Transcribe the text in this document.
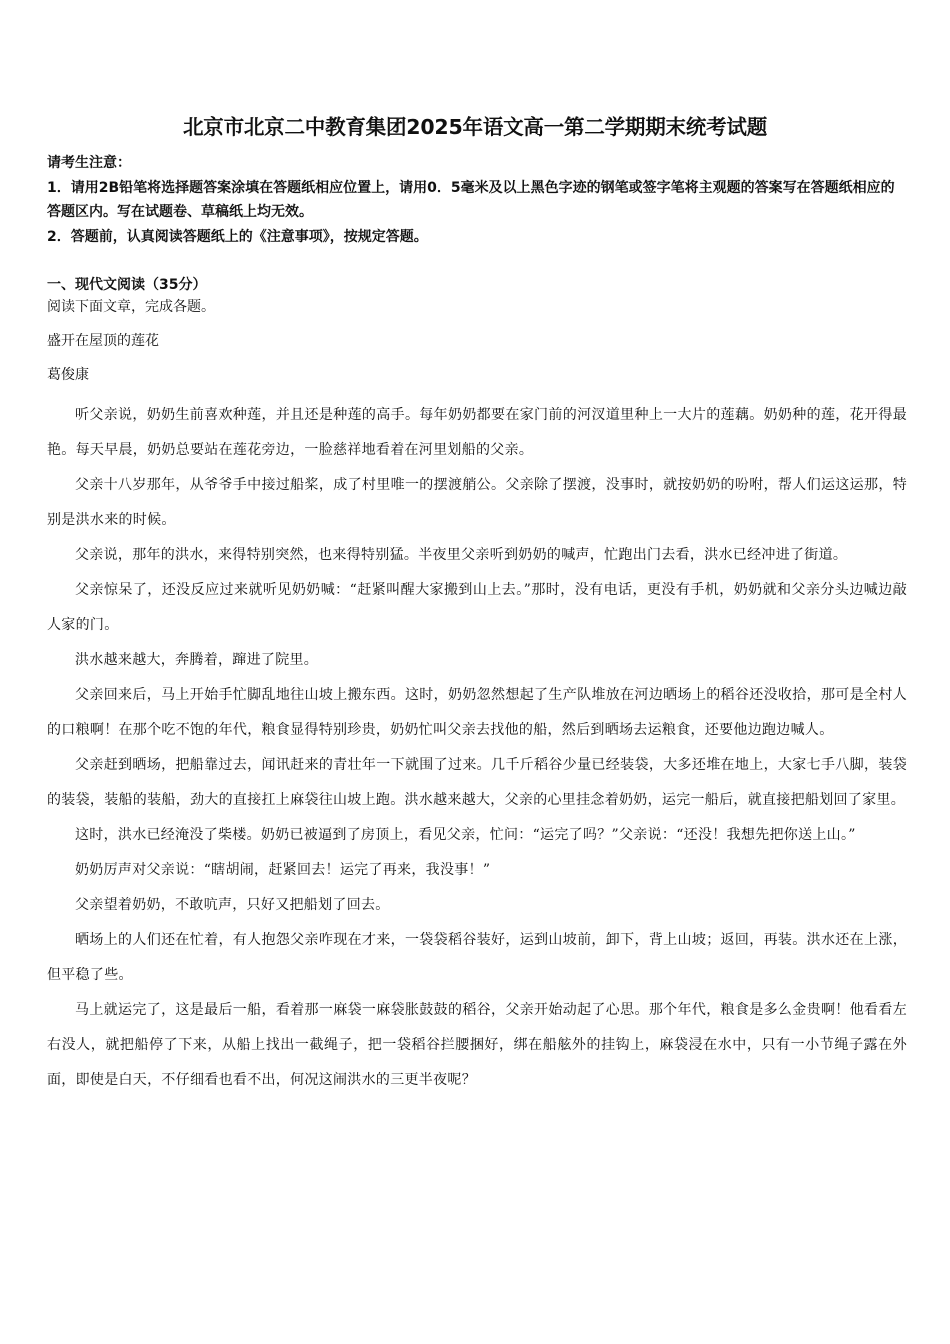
北京市北京二中教育集团2025年语文高一第二学期期末统考试题

请考生注意：

1．请用2B铅笔将选择题答案涂填在答题纸相应位置上，请用0．5毫米及以上黑色字迹的钢笔或签字笔将主观题的答案写在答题纸相应的答题区内。写在试题卷、草稿纸上均无效。

2．答题前，认真阅读答题纸上的《注意事项》，按规定答题。

一、现代文阅读（35分）

阅读下面文章，完成各题。

盛开在屋顶的莲花

葛俊康

听父亲说，奶奶生前喜欢种莲，并且还是种莲的高手。每年奶奶都要在家门前的河汊道里种上一大片的莲藕。奶奶种的莲，花开得最艳。每天早晨，奶奶总要站在莲花旁边，一脸慈祥地看着在河里划船的父亲。

父亲十八岁那年，从爷爷手中接过船桨，成了村里唯一的摆渡艄公。父亲除了摆渡，没事时，就按奶奶的吩咐，帮人们运这运那，特别是洪水来的时候。

父亲说，那年的洪水，来得特别突然，也来得特别猛。半夜里父亲听到奶奶的喊声，忙跑出门去看，洪水已经冲进了街道。

父亲惊呆了，还没反应过来就听见奶奶喊：“赶紧叫醒大家搬到山上去。”那时，没有电话，更没有手机，奶奶就和父亲分头边喊边敲人家的门。

洪水越来越大，奔腾着，蹿进了院里。

父亲回来后，马上开始手忙脚乱地往山坡上搬东西。这时，奶奶忽然想起了生产队堆放在河边晒场上的稻谷还没收拾，那可是全村人的口粮啊！在那个吃不饱的年代，粮食显得特别珍贵，奶奶忙叫父亲去找他的船，然后到晒场去运粮食，还要他边跑边喊人。

父亲赶到晒场，把船靠过去，闻讯赶来的青壮年一下就围了过来。几千斤稻谷少量已经装袋，大多还堆在地上，大家七手八脚，装袋的装袋，装船的装船，劲大的直接扛上麻袋往山坡上跑。洪水越来越大，父亲的心里挂念着奶奶，运完一船后，就直接把船划回了家里。

这时，洪水已经淹没了柴楼。奶奶已被逼到了房顶上，看见父亲，忙问：“运完了吗？”父亲说：“还没！我想先把你送上山。”

奶奶厉声对父亲说：“瞎胡闹，赶紧回去！运完了再来，我没事！”

父亲望着奶奶，不敢吭声，只好又把船划了回去。

晒场上的人们还在忙着，有人抱怨父亲咋现在才来，一袋袋稻谷装好，运到山坡前，卸下，背上山坡；返回，再装。洪水还在上涨，但平稳了些。

马上就运完了，这是最后一船，看着那一麻袋一麻袋胀鼓鼓的稻谷，父亲开始动起了心思。那个年代，粮食是多么金贵啊！他看看左右没人，就把船停了下来，从船上找出一截绳子，把一袋稻谷拦腰捆好，绑在船舷外的挂钩上，麻袋浸在水中，只有一小节绳子露在外面，即使是白天，不仔细看也看不出，何况这闹洪水的三更半夜呢？
